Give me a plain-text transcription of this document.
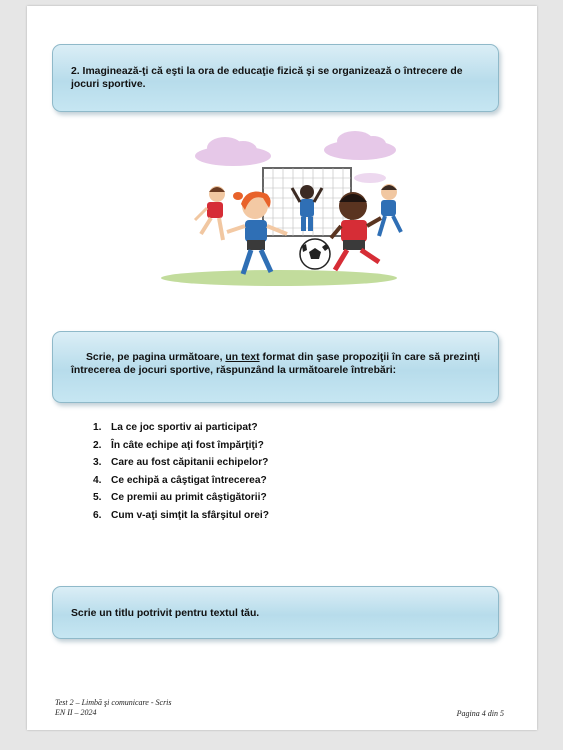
2. Imaginează-ţi că eşti la ora de educaţie fizică şi se organizează o întrecere de jocuri sportive.
Scrie, pe pagina următoare, un text format din şase propoziţii în care să prezinţi întrecerea de jocuri sportive, răspunzând la următoarele întrebări:
1. La ce joc sportiv ai participat?
2. În câte echipe aţi fost împărţiţi?
3. Care au fost căpitanii echipelor?
4. Ce echipă a câştigat întrecerea?
5. Ce premii au primit câştigătorii?
6. Cum v-aţi simţit la sfârşitul orei?
Scrie un titlu potrivit pentru textul tău.
Test 2 – Limbă şi comunicare - Scris
EN II – 2024	Pagina 4 din 5
